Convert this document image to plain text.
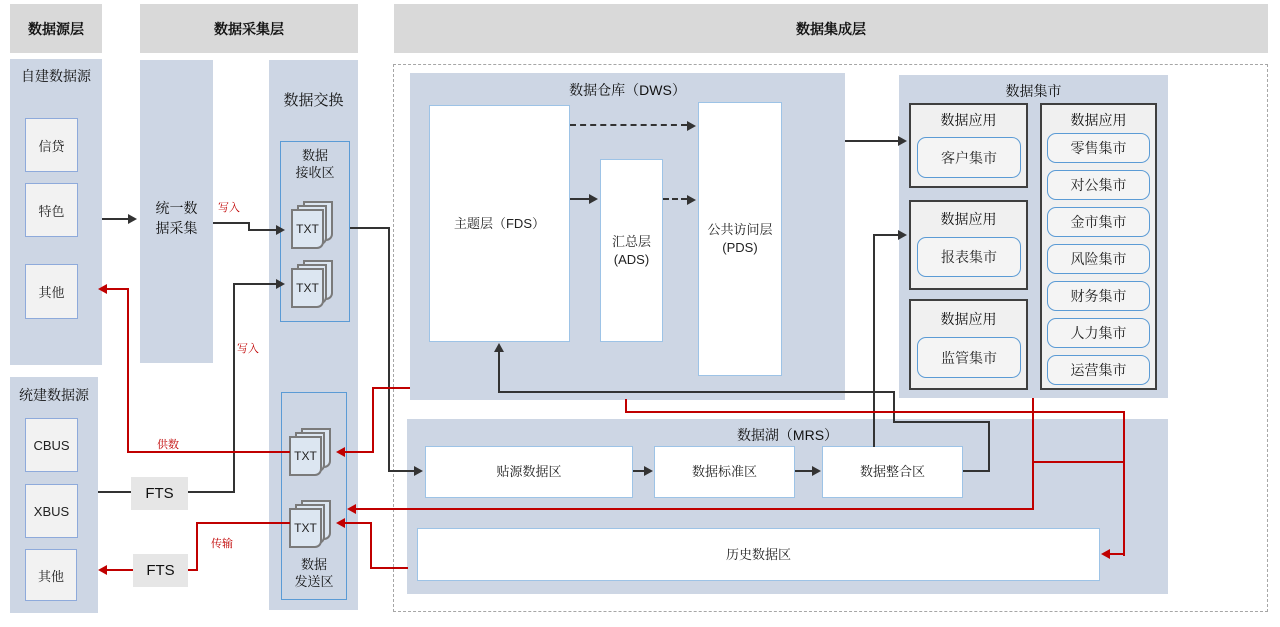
数据源层	数据采集层	数据集成层
自建数据源
统建数据源
数据交换
数据仓库（DWS）	数据集市
数据湖（MRS）
信贷
特色
其他
CBUS
XBUS
其他
统一数
据采集
FTS
FTS
数据
接收区
TXT
TXT
TXT
TXT
数据
发送区
主题层（FDS）
汇总层
(ADS)
公共访问层
(PDS)
数据应用
客户集市
数据应用
报表集市
数据应用
监管集市
数据应用
零售集市
对公集市
金市集市
风险集市
财务集市
人力集市
运营集市
贴源数据区	数据标准区	数据整合区
历史数据区
写入
写入
供数
传输
